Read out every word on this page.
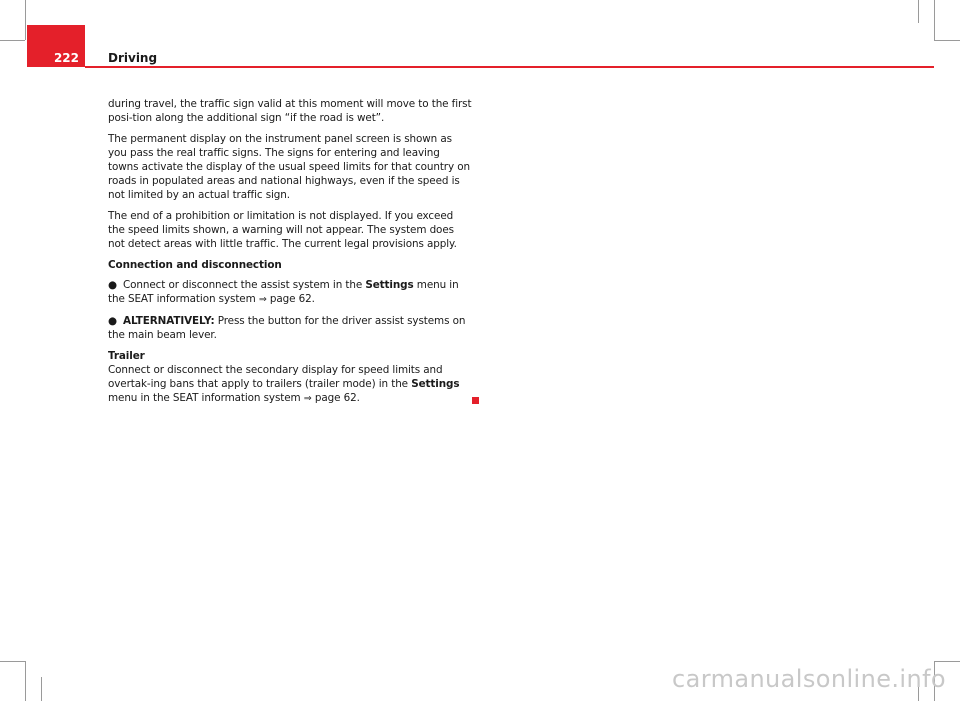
222 Driving

during travel, the traffic sign valid at this moment will move to the first posi-tion along the additional sign “if the road is wet”.

The permanent display on the instrument panel screen is shown as you pass the real traffic signs. The signs for entering and leaving towns activate the display of the usual speed limits for that country on roads in populated areas and national highways, even if the speed is not limited by an actual traffic sign.

The end of a prohibition or limitation is not displayed. If you exceed the speed limits shown, a warning will not appear. The system does not detect areas with little traffic. The current legal provisions apply.

Connection and disconnection

● Connect or disconnect the assist system in the Settings menu in the SEAT information system ⇒ page 62.

● ALTERNATIVELY: Press the button for the driver assist systems on the main beam lever.

Trailer

Connect or disconnect the secondary display for speed limits and overtak-ing bans that apply to trailers (trailer mode) in the Settings menu in the SEAT information system ⇒ page 62.

carmanualsonline.info
